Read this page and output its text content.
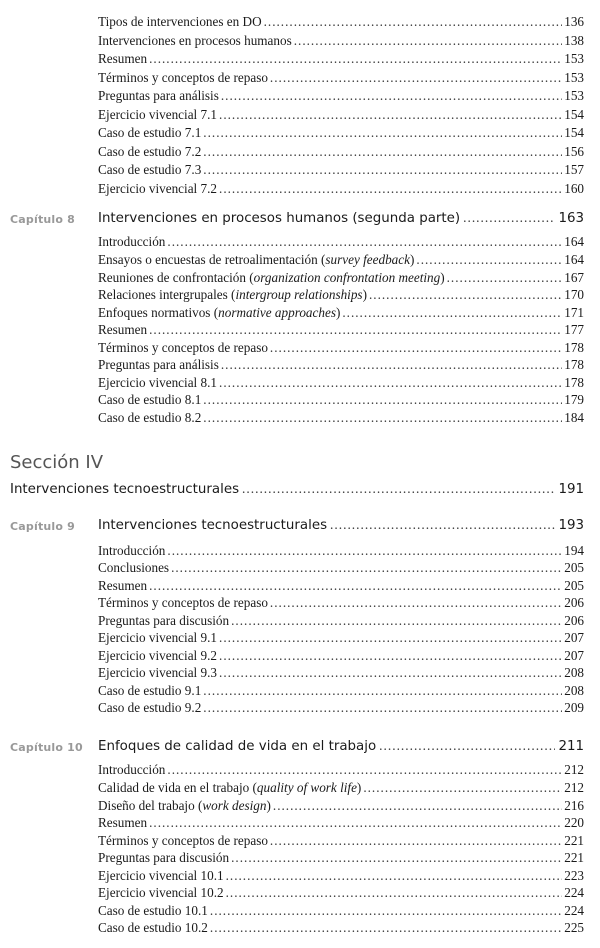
Tipos de intervenciones en DO .....	136
Intervenciones en procesos humanos .....	138
Resumen .....	153
Términos y conceptos de repaso .....	153
Preguntas para análisis .....	153
Ejercicio vivencial 7.1 .....	154
Caso de estudio 7.1 .....	154
Caso de estudio 7.2 .....	156
Caso de estudio 7.3 .....	157
Ejercicio vivencial 7.2 .....	160
Capítulo 8 Intervenciones en procesos humanos (segunda parte) .....	163
Introducción .....	164
Ensayos o encuestas de retroalimentación (survey feedback) .....	164
Reuniones de confrontación (organization confrontation meeting) .....	167
Relaciones intergrupales (intergroup relationships) .....	170
Enfoques normativos (normative approaches) .....	171
Resumen .....	177
Términos y conceptos de repaso .....	178
Preguntas para análisis .....	178
Ejercicio vivencial 8.1 .....	178
Caso de estudio 8.1 .....	179
Caso de estudio 8.2 .....	184
Sección IV
Intervenciones tecnoestructurales .....	191
Capítulo 9 Intervenciones tecnoestructurales .....	193
Introducción .....	194
Conclusiones .....	205
Resumen .....	205
Términos y conceptos de repaso .....	206
Preguntas para discusión .....	206
Ejercicio vivencial 9.1 .....	207
Ejercicio vivencial 9.2 .....	207
Ejercicio vivencial 9.3 .....	208
Caso de estudio 9.1 .....	208
Caso de estudio 9.2 .....	209
Capítulo 10 Enfoques de calidad de vida en el trabajo .....	211
Introducción .....	212
Calidad de vida en el trabajo (quality of work life) .....	212
Diseño del trabajo (work design) .....	216
Resumen .....	220
Términos y conceptos de repaso .....	221
Preguntas para discusión .....	221
Ejercicio vivencial 10.1 .....	223
Ejercicio vivencial 10.2 .....	224
Caso de estudio 10.1 .....	224
Caso de estudio 10.2 .....	225
